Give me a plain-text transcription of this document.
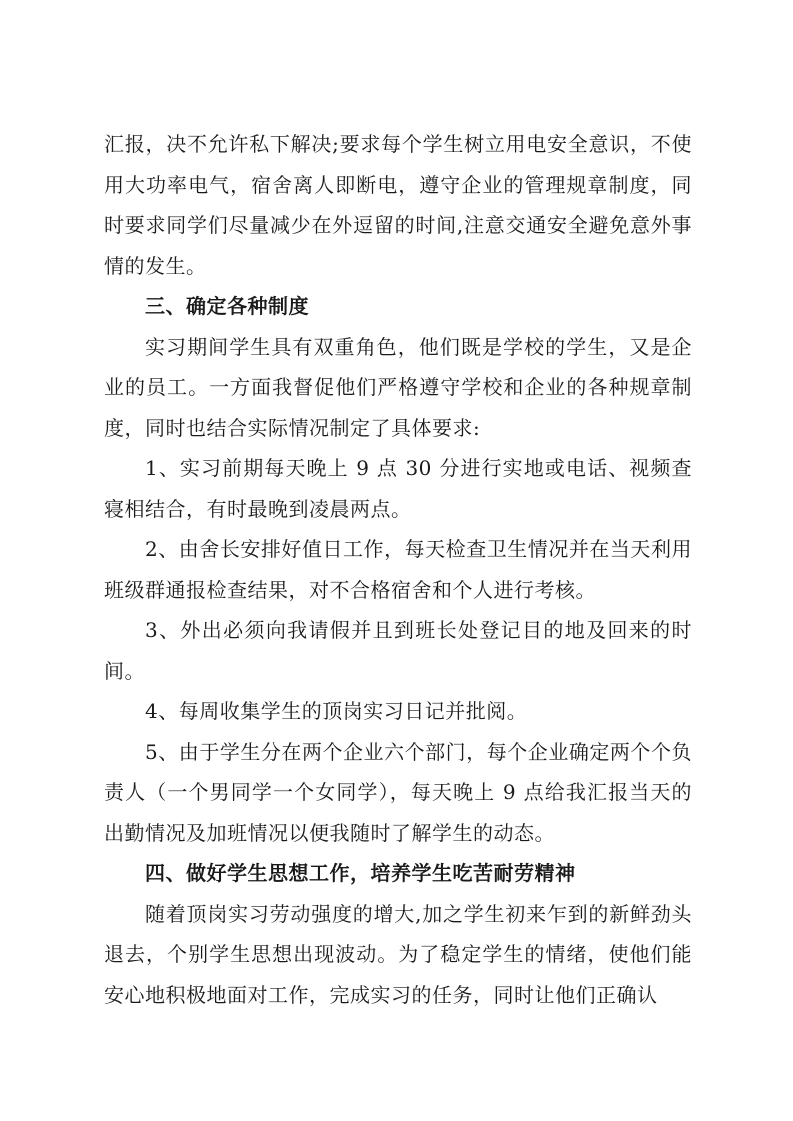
汇报，决不允许私下解决;要求每个学生树立用电安全意识，不使用大功率电气，宿舍离人即断电，遵守企业的管理规章制度，同时要求同学们尽量减少在外逗留的时间,注意交通安全避免意外事情的发生。

三、确定各种制度

实习期间学生具有双重角色，他们既是学校的学生，又是企业的员工。一方面我督促他们严格遵守学校和企业的各种规章制度，同时也结合实际情况制定了具体要求:

1、实习前期每天晚上 9 点 30 分进行实地或电话、视频查寝相结合，有时最晚到凌晨两点。

2、由舍长安排好值日工作，每天检查卫生情况并在当天利用班级群通报检查结果，对不合格宿舍和个人进行考核。

3、外出必须向我请假并且到班长处登记目的地及回来的时间。

4、每周收集学生的顶岗实习日记并批阅。

5、由于学生分在两个企业六个部门，每个企业确定两个个负责人（一个男同学一个女同学），每天晚上 9 点给我汇报当天的出勤情况及加班情况以便我随时了解学生的动态。

四、做好学生思想工作，培养学生吃苦耐劳精神

随着顶岗实习劳动强度的增大,加之学生初来乍到的新鲜劲头退去，个别学生思想出现波动。为了稳定学生的情绪，使他们能安心地积极地面对工作，完成实习的任务，同时让他们正确认
